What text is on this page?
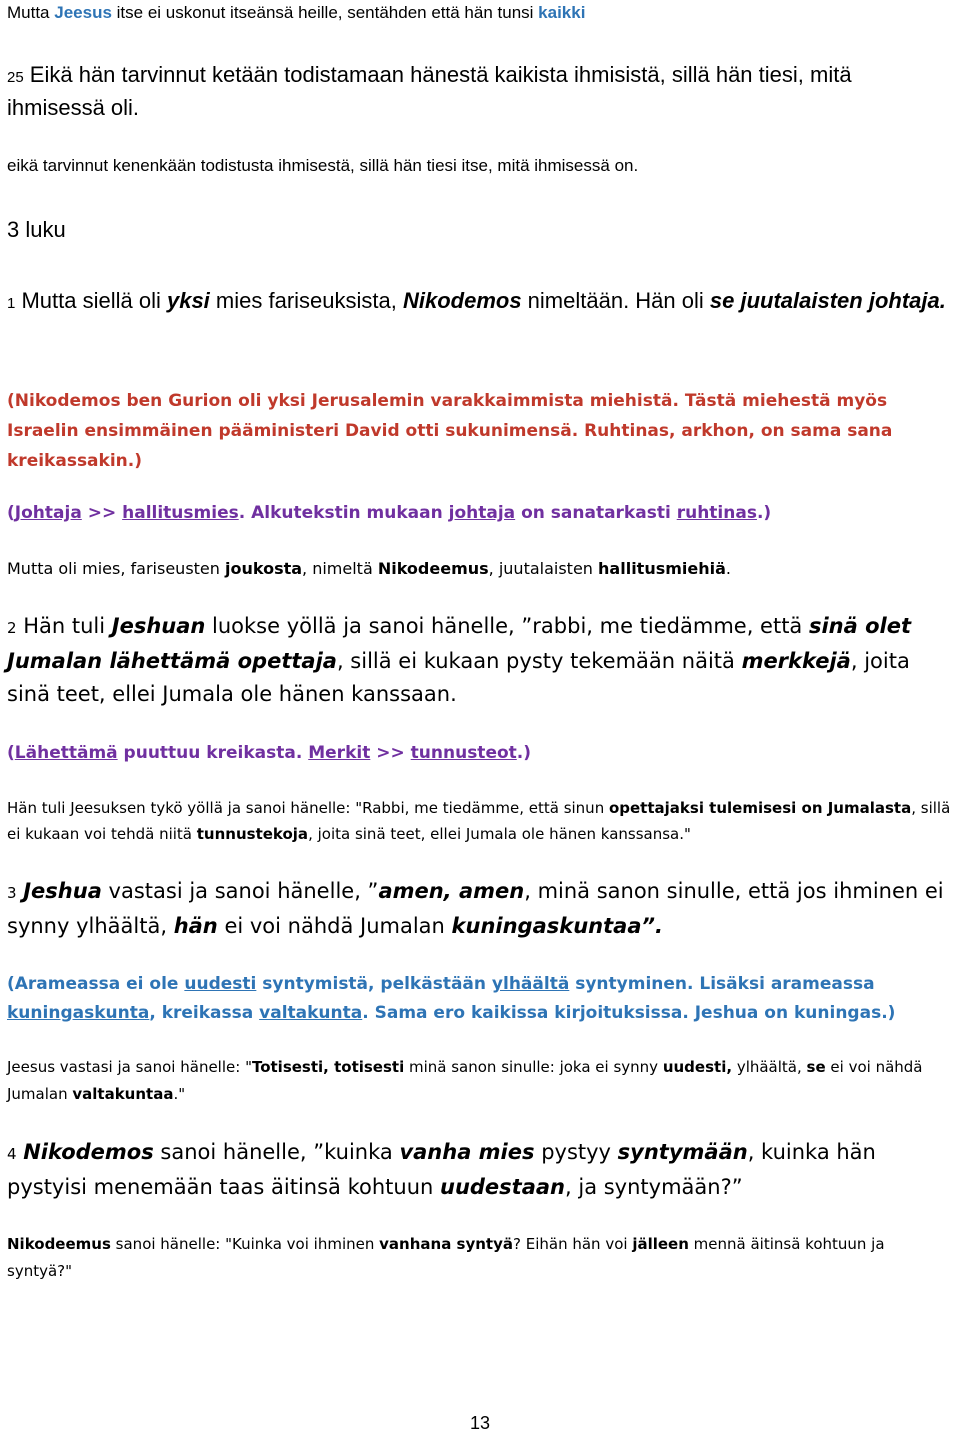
Mutta Jeesus itse ei uskonut itseänsä heille, sentähden että hän tunsi kaikki

25 Eikä hän tarvinnut ketään todistamaan hänestä kaikista ihmisistä, sillä hän tiesi, mitä ihmisessä oli.

eikä tarvinnut kenenkään todistusta ihmisestä, sillä hän tiesi itse, mitä ihmisessä on.

3 luku

1 Mutta siellä oli yksi mies fariseuksista, Nikodemos nimeltään. Hän oli se juutalaisten johtaja.

(Nikodemos ben Gurion oli yksi Jerusalemin varakkaimmista miehistä. Tästä miehestä myös Israelin ensimmäinen pääministeri David otti sukunimensä. Ruhtinas, arkhon, on sama sana kreikassakin.)

(Johtaja >> hallitusmies. Alkutekstin mukaan johtaja on sanatarkasti ruhtinas.)

Mutta oli mies, fariseusten joukosta, nimeltä Nikodeemus, juutalaisten hallitusmiehiä.

2 Hän tuli Jeshuan luokse yöllä ja sanoi hänelle, ”rabbi, me tiedämme, että sinä olet Jumalan lähettämä opettaja, sillä ei kukaan pysty tekemään näitä merkkejä, joita sinä teet, ellei Jumala ole hänen kanssaan.

(Lähettämä puuttuu kreikasta. Merkit >> tunnusteot.)

Hän tuli Jeesuksen tykö yöllä ja sanoi hänelle: "Rabbi, me tiedämme, että sinun opettajaksi tulemisesi on Jumalasta, sillä ei kukaan voi tehdä niitä tunnustekoja, joita sinä teet, ellei Jumala ole hänen kanssansa."

3 Jeshua vastasi ja sanoi hänelle, ”amen, amen, minä sanon sinulle, että jos ihminen ei synny ylhäältä, hän ei voi nähdä Jumalan kuningaskuntaa”.

(Arameassa ei ole uudesti syntymistä, pelkästään ylhäältä syntyminen. Lisäksi arameassa kuningaskunta, kreikassa valtakunta. Sama ero kaikissa kirjoituksissa. Jeshua on kuningas.)

Jeesus vastasi ja sanoi hänelle: "Totisesti, totisesti minä sanon sinulle: joka ei synny uudesti, ylhäältä, se ei voi nähdä Jumalan valtakuntaa."

4 Nikodemos sanoi hänelle, ”kuinka vanha mies pystyy syntymään, kuinka hän pystyisi menemään taas äitinsä kohtuun uudestaan, ja syntymään?”

Nikodeemus sanoi hänelle: "Kuinka voi ihminen vanhana syntyä? Eihän hän voi jälleen mennä äitinsä kohtuun ja syntyä?"

13
